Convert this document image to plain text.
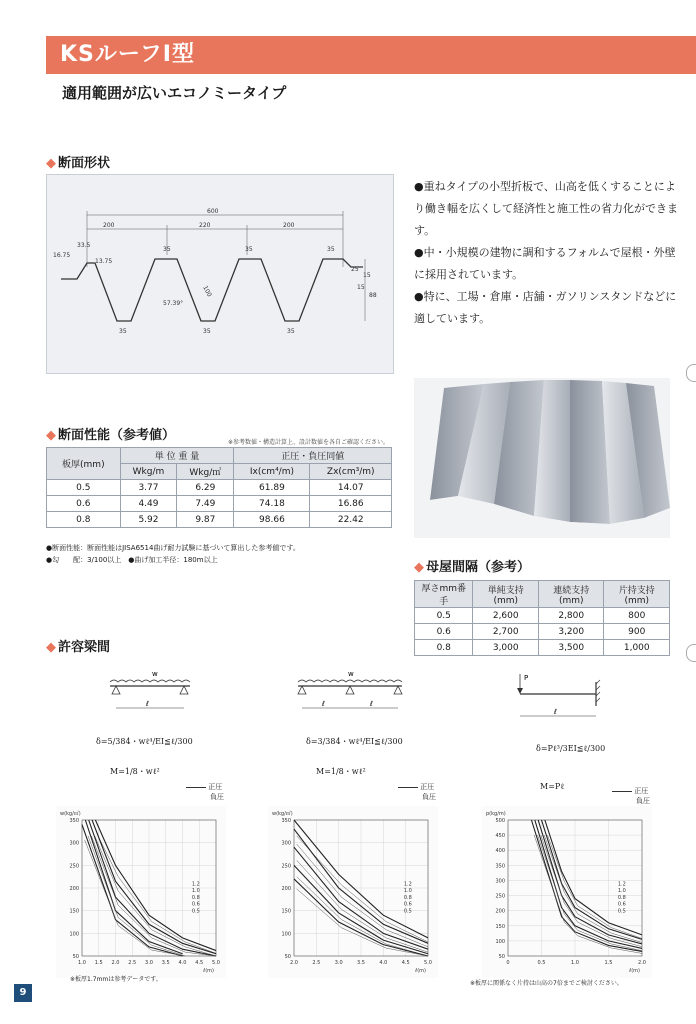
KSルーフI型
適用範囲が広いエコノミータイプ
◆ 断面形状
600
200	220	200
35	35	35
35	35	35
33.5
16.75
13.75
15
25
15
88
100
57.39°

●重ねタイプの小型折板で、山高を低くすることにより働き幅を広くして経済性と施工性の省力化ができます。

●中・小規模の建物に調和するフォルムで屋根・外壁に採用されています。

●特に、工場・倉庫・店舗・ガソリンスタンドなどに適しています。

◆ 断面性能（参考値）	※参考数値・構造計算上、設計数値を各自ご確認ください。
板厚(mm)	単 位 重 量		正圧・負圧同値	
	Wkg/m	Wkg/㎡	Ix(cm⁴/m)	Zx(cm³/m)
0.5	3.77	6.29	61.89	14.07
0.6	4.49	7.49	74.18	16.86
0.8	5.92	9.87	98.66	22.42

●断面性能：断面性能はJISA6514曲げ耐力試験に基づいて算出した参考値です。

●勾　　配：3/100以上　●曲げ加工半径：180m以上	◆ 母屋間隔（参考）
厚さmm番手	単純支持(mm)	連続支持(mm)	片持支持(mm)
0.5	2,600	2,800	800
0.6	2,700	3,200	900
0.8	3,000	3,500	1,000
◆ 許容梁間
w
ℓ
δ=5/384・wℓ⁴/EI≦ℓ/300
M=1/8・wℓ²
w
ℓ	ℓ
δ=3/384・wℓ⁴/EI≦ℓ/300
M=1/8・wℓ²
P
ℓ
δ=Pℓ³/3EI≦ℓ/300
M=Pℓ
正圧
負圧
正圧
負圧
正圧
負圧
50
100
150
200
250
300
350
1.0 1.5 2.0 2.5 3.0 3.5 4.0 4.5 5.0
w(kg/㎡)
ℓ(m)
1.2
1.0
0.8
0.6
0.5
50
100
150
200
250
300
350
2.0	2.5	3.0	3.5	4.0	4.5	5.0
w(kg/㎡)
ℓ(m)
1.2
1.0
0.8
0.6
0.5
50
100
150
200
250
300
350
400
450
500
0	0.5	1.0	1.5	2.0
p(kg/m)
ℓ(m)
1.2
1.0
0.8
0.6
0.5
※板厚1.7mmは参考データです。
※板厚に関係なく片持は山高の7倍までご検討ください。
9
